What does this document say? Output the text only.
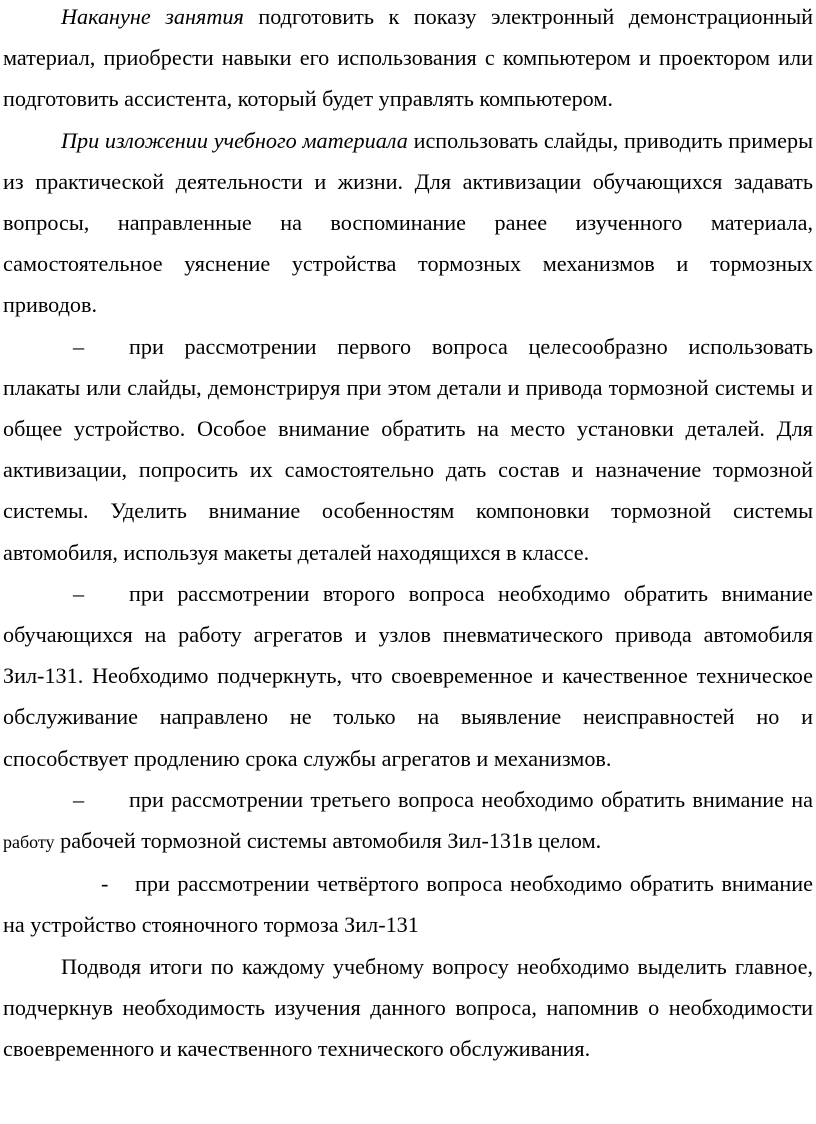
Накануне занятия подготовить к показу электронный демонстрационный материал, приобрести навыки его использования с компьютером и проектором или подготовить ассистента, который будет управлять компьютером.

При изложении учебного материала использовать слайды, приводить примеры из практической деятельности и жизни. Для активизации обучающихся задавать вопросы, направленные на воспоминание ранее изученного материала, самостоятельное уяснение устройства тормозных механизмов и тормозных приводов.

– при рассмотрении первого вопроса целесообразно использовать плакаты или слайды, демонстрируя при этом детали и привода тормозной системы и общее устройство. Особое внимание обратить на место установки деталей. Для активизации, попросить их самостоятельно дать состав и назначение тормозной системы. Уделить внимание особенностям компоновки тормозной системы автомобиля, используя макеты деталей находящихся в классе.

– при рассмотрении второго вопроса необходимо обратить внимание обучающихся на работу агрегатов и узлов пневматического привода автомобиля Зил-131. Необходимо подчеркнуть, что своевременное и качественное техническое обслуживание направлено не только на выявление неисправностей но и способствует продлению срока службы агрегатов и механизмов.

– при рассмотрении третьего вопроса необходимо обратить внимание на работу рабочей тормозной системы автомобиля Зил-131в целом.

- при рассмотрении четвёртого вопроса необходимо обратить внимание на устройство стояночного тормоза Зил-131

Подводя итоги по каждому учебному вопросу необходимо выделить главное, подчеркнув необходимость изучения данного вопроса, напомнив о необходимости своевременного и качественного технического обслуживания.
